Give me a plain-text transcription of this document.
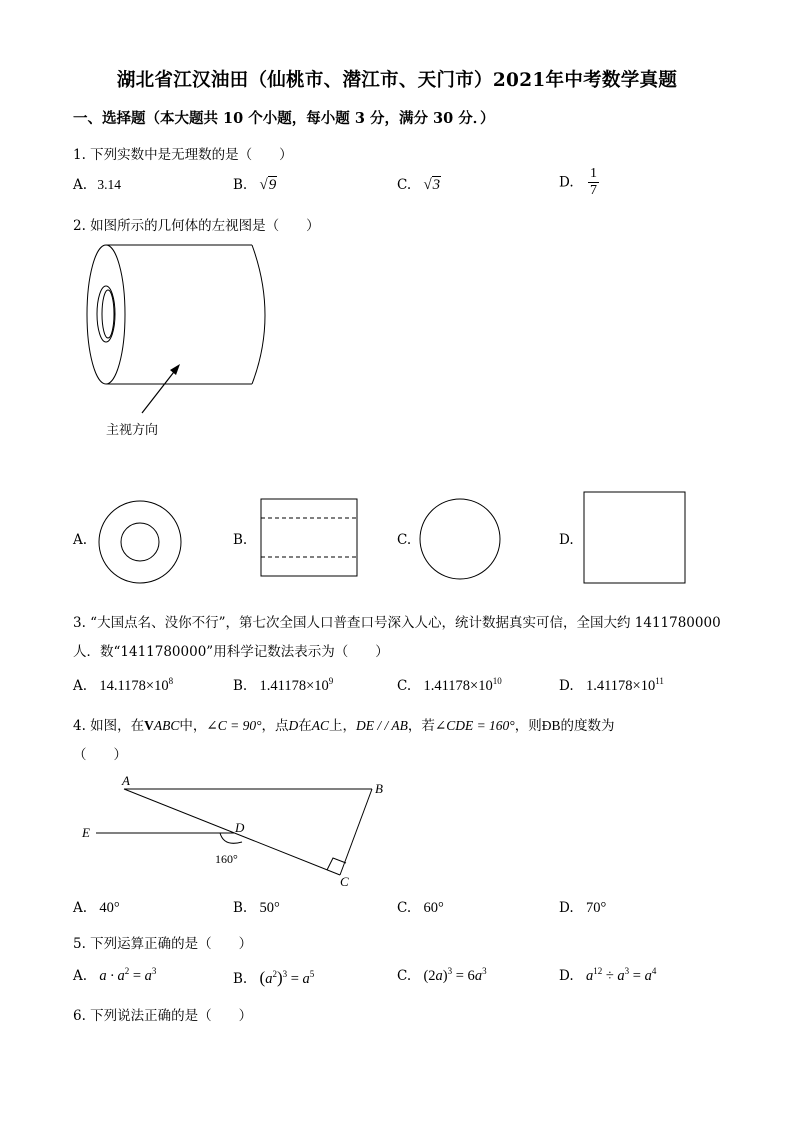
湖北省江汉油田（仙桃市、潜江市、天门市）2021年中考数学真题
一、选择题（本大题共 10 个小题，每小题 3 分，满分 30 分．）
1. 下列实数中是无理数的是（　　）
A. 3.14	B. √9	C. √3	D. $\frac{1}{7}$
2. 如图所示的几何体的左视图是（　　）
主视方向
A.	B.	C.	D.
3. “大国点名、没你不行”，第七次全国人口普查口号深入人心，统计数据真实可信，全国大约 1411780000
人．数“1411780000”用科学记数法表示为（　　）
A. $14.1178\times 10^8$	B. $1.41178\times 10^9$	C. $1.41178\times 10^{10}$	D. $1.41178\times 10^{11}$
4. 如图，在VABC中，∠C = 90°，点D在AC上，DE / / AB，若∠CDE = 160°，则ÐB的度数为
（　　）
A
B
C
D
E
160°
A. 40°	B. 50°	C. 60°	D. 70°
5. 下列运算正确的是（　　）
A. $a \cdot a^2 = a^3$	B. $(a^2)^3 = a^5$	C. $(2a)^3 = 6a^3$	D. $a^{12} \div a^3 = a^4$
6. 下列说法正确的是（　　）
